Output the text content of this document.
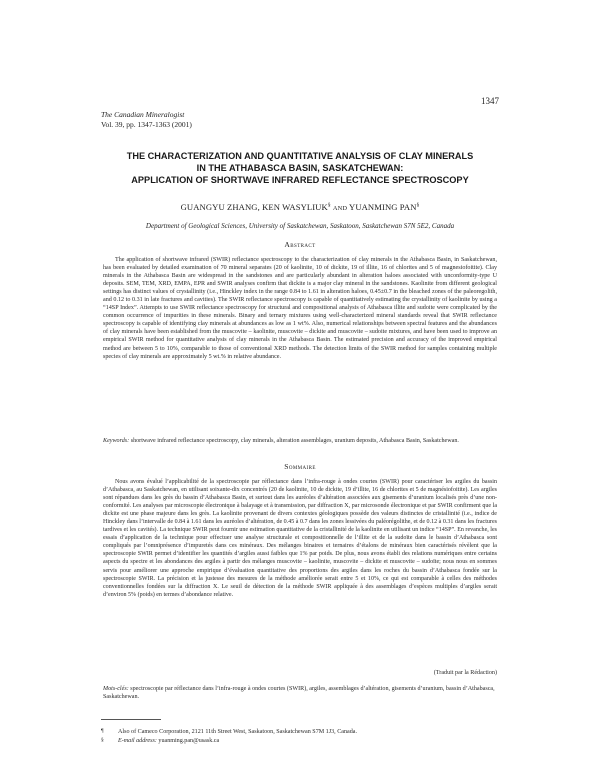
1347
The Canadian Mineralogist
Vol. 39, pp. 1347-1363 (2001)
THE CHARACTERIZATION AND QUANTITATIVE ANALYSIS OF CLAY MINERALS
IN THE ATHABASCA BASIN, SASKATCHEWAN:
APPLICATION OF SHORTWAVE INFRARED REFLECTANCE SPECTROSCOPY
GUANGYU ZHANG, KEN WASYLIUK§ AND YUANMING PAN§
Department of Geological Sciences, University of Saskatchewan, Saskatoon, Saskatchewan S7N 5E2, Canada
Abstract
The application of shortwave infrared (SWIR) reflectance spectroscopy to the characterization of clay minerals in the Athabasca Basin, in Saskatchewan, has been evaluated by detailed examination of 70 mineral separates (20 of kaolinite, 10 of dickite, 19 of illite, 16 of chlorites and 5 of magnesiofoitite). Clay minerals in the Athabasca Basin are widespread in the sandstones and are particularly abundant in alteration haloes associated with unconformity-type U deposits. SEM, TEM, XRD, EMPA, EPR and SWIR analyses confirm that dickite is a major clay mineral in the sandstones. Kaolinite from different geological settings has distinct values of crystallinity (i.e., Hinckley index in the range 0.84 to 1.61 in alteration haloes, 0.45±0.7 in the bleached zones of the paleoregolith, and 0.12 to 0.31 in late fractures and cavities). The SWIR reflectance spectroscopy is capable of quantitatively estimating the crystallinity of kaolinite by using a “14SP Index”. Attempts to use SWIR reflectance spectroscopy for structural and compositional analysis of Athabasca illite and sudoite were complicated by the common occurrence of impurities in these minerals. Binary and ternary mixtures using well-characterized mineral standards reveal that SWIR reflectance spectroscopy is capable of identifying clay minerals at abundances as low as 1 wt%. Also, numerical relationships between spectral features and the abundances of clay minerals have been established from the muscovite – kaolinite, muscovite – dickite and muscovite – sudoite mixtures, and have been used to improve an empirical SWIR method for quantitative analysis of clay minerals in the Athabasca Basin. The estimated precision and accuracy of the improved empirical method are between 5 to 10%, comparable to those of conventional XRD methods. The detection limits of the SWIR method for samples containing multiple species of clay minerals are approximately 5 wt.% in relative abundance.
Keywords: shortwave infrared reflectance spectroscopy, clay minerals, alteration assemblages, uranium deposits, Athabasca Basin, Saskatchewan.
Sommaire
Nous avons évalué l’applicabilité de la spectroscopie par réflectance dans l’infra-rouge à ondes courtes (SWIR) pour caractériser les argiles du bassin d’Athabasca, au Saskatchewan, en utilisant soixante-dix concentrés (20 de kaolinite, 10 de dickite, 19 d’illite, 16 de chlorites et 5 de magnésiofoitite). Les argiles sont répandues dans les grès du bassin d’Athabasca Basin, et surtout dans les auréoles d’altération associées aux gisements d’uranium localisés près d’une non-conformité. Les analyses par microscopie électronique à balayage et à transmission, par diffraction X, par microsonde électronique et par SWIR confirment que la dickite est une phase majeure dans les grès. La kaolinite provenant de divers contextes géologiques possède des valeurs distinctes de cristallinité (i.e., indice de Hinckley dans l’intervalle de 0.84 à 1.61 dans les auréoles d’altération, de 0.45 à 0.7 dans les zones lessivées du paléorégolithe, et de 0.12 à 0.31 dans les fractures tardives et les cavités). La technique SWIR peut fournir une estimation quantitative de la cristallinité de la kaolinite en utilisant un indice “14SP”. En revanche, les essais d’application de la technique pour effectuer une analyse structurale et compositionnelle de l’illite et de la sudoïte dans le bassin d’Athabasca sont compliqués par l’omniprésence d’impuretés dans ces minéraux. Des mélanges binaires et ternaires d’étalons de minéraux bien caractérisés révèlent que la spectroscopie SWIR permet d’identifier les quantités d’argiles aussi faibles que 1% par poids. De plus, nous avons établi des relations numériques entre certains aspects du spectre et les abondances des argiles à partir des mélanges muscovite – kaolinite, muscovite – dickite et muscovite – sudoïte; nous nous en sommes servis pour améliorer une approche empirique d’évaluation quantitative des proportions des argiles dans les roches du bassin d’Athabasca fondée sur la spectroscopie SWIR. La précision et la justesse des mesures de la méthode améliorée serait entre 5 et 10%, ce qui est comparable à celles des méthodes conventionnelles fondées sur la diffraction X. Le seuil de détection de la méthode SWIR appliquée à des assemblages d’espèces multiples d’argiles serait d’environ 5% (poids) en termes d’abondance relative.
(Traduit par la Rédaction)
Mots-clés: spectroscopie par réflectance dans l’infra-rouge à ondes courtes (SWIR), argiles, assemblages d’altération, gisements d’uranium, bassin d’Athabasca, Saskatchewan.
¶ Also of Cameco Corporation, 2121 11th Street West, Saskatoon, Saskatchewan S7M 1J3, Canada.
§ E-mail address: yuanming.pan@usask.ca
